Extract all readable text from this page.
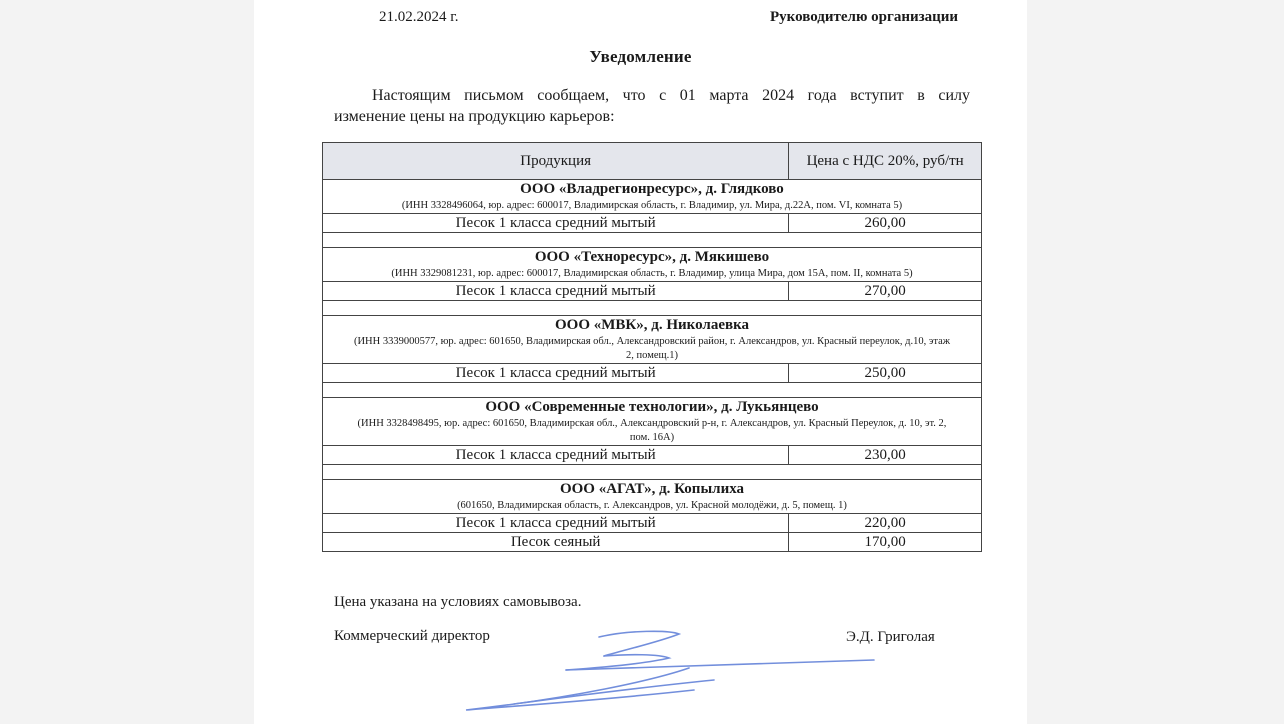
21.02.2024 г.	Руководителю организации
Уведомление
Настоящим письмом сообщаем, что с 01 марта 2024 года вступит в силу
изменение цены на продукцию карьеров:
Продукция	Цена с НДС 20%, руб/тн

ООО «Владрегионресурс», д. Глядково
(ИНН 3328496064, юр. адрес: 600017, Владимирская область, г. Владимир, ул. Мира, д.22А, пом. VI, комната 5)	

Песок 1 класса средний мытый	260,00

ООО «Техноресурс», д. Мякишево
(ИНН 3329081231, юр. адрес: 600017, Владимирская область, г. Владимир, улица Мира, дом 15А, пом. II, комната 5)	

Песок 1 класса средний мытый	270,00

ООО «МВК», д. Николаевка
(ИНН 3339000577, юр. адрес: 601650, Владимирская обл., Александровский район, г. Александров, ул. Красный переулок, д.10, этаж 2, помещ.1)	

Песок 1 класса средний мытый	250,00

ООО «Современные технологии», д. Лукьянцево
(ИНН 3328498495, юр. адрес: 601650, Владимирская обл., Александровский р-н, г. Александров, ул. Красный Переулок, д. 10, эт. 2, пом. 16А)	

Песок 1 класса средний мытый	230,00

ООО «АГАТ», д. Копылиха
(601650, Владимирская область, г. Александров, ул. Красной молодёжи, д. 5, помещ. 1)	

Песок 1 класса средний мытый	220,00
Песок сеяный	170,00
Цена указана на условиях самовывоза.
Коммерческий директор	Э.Д. Григолая
